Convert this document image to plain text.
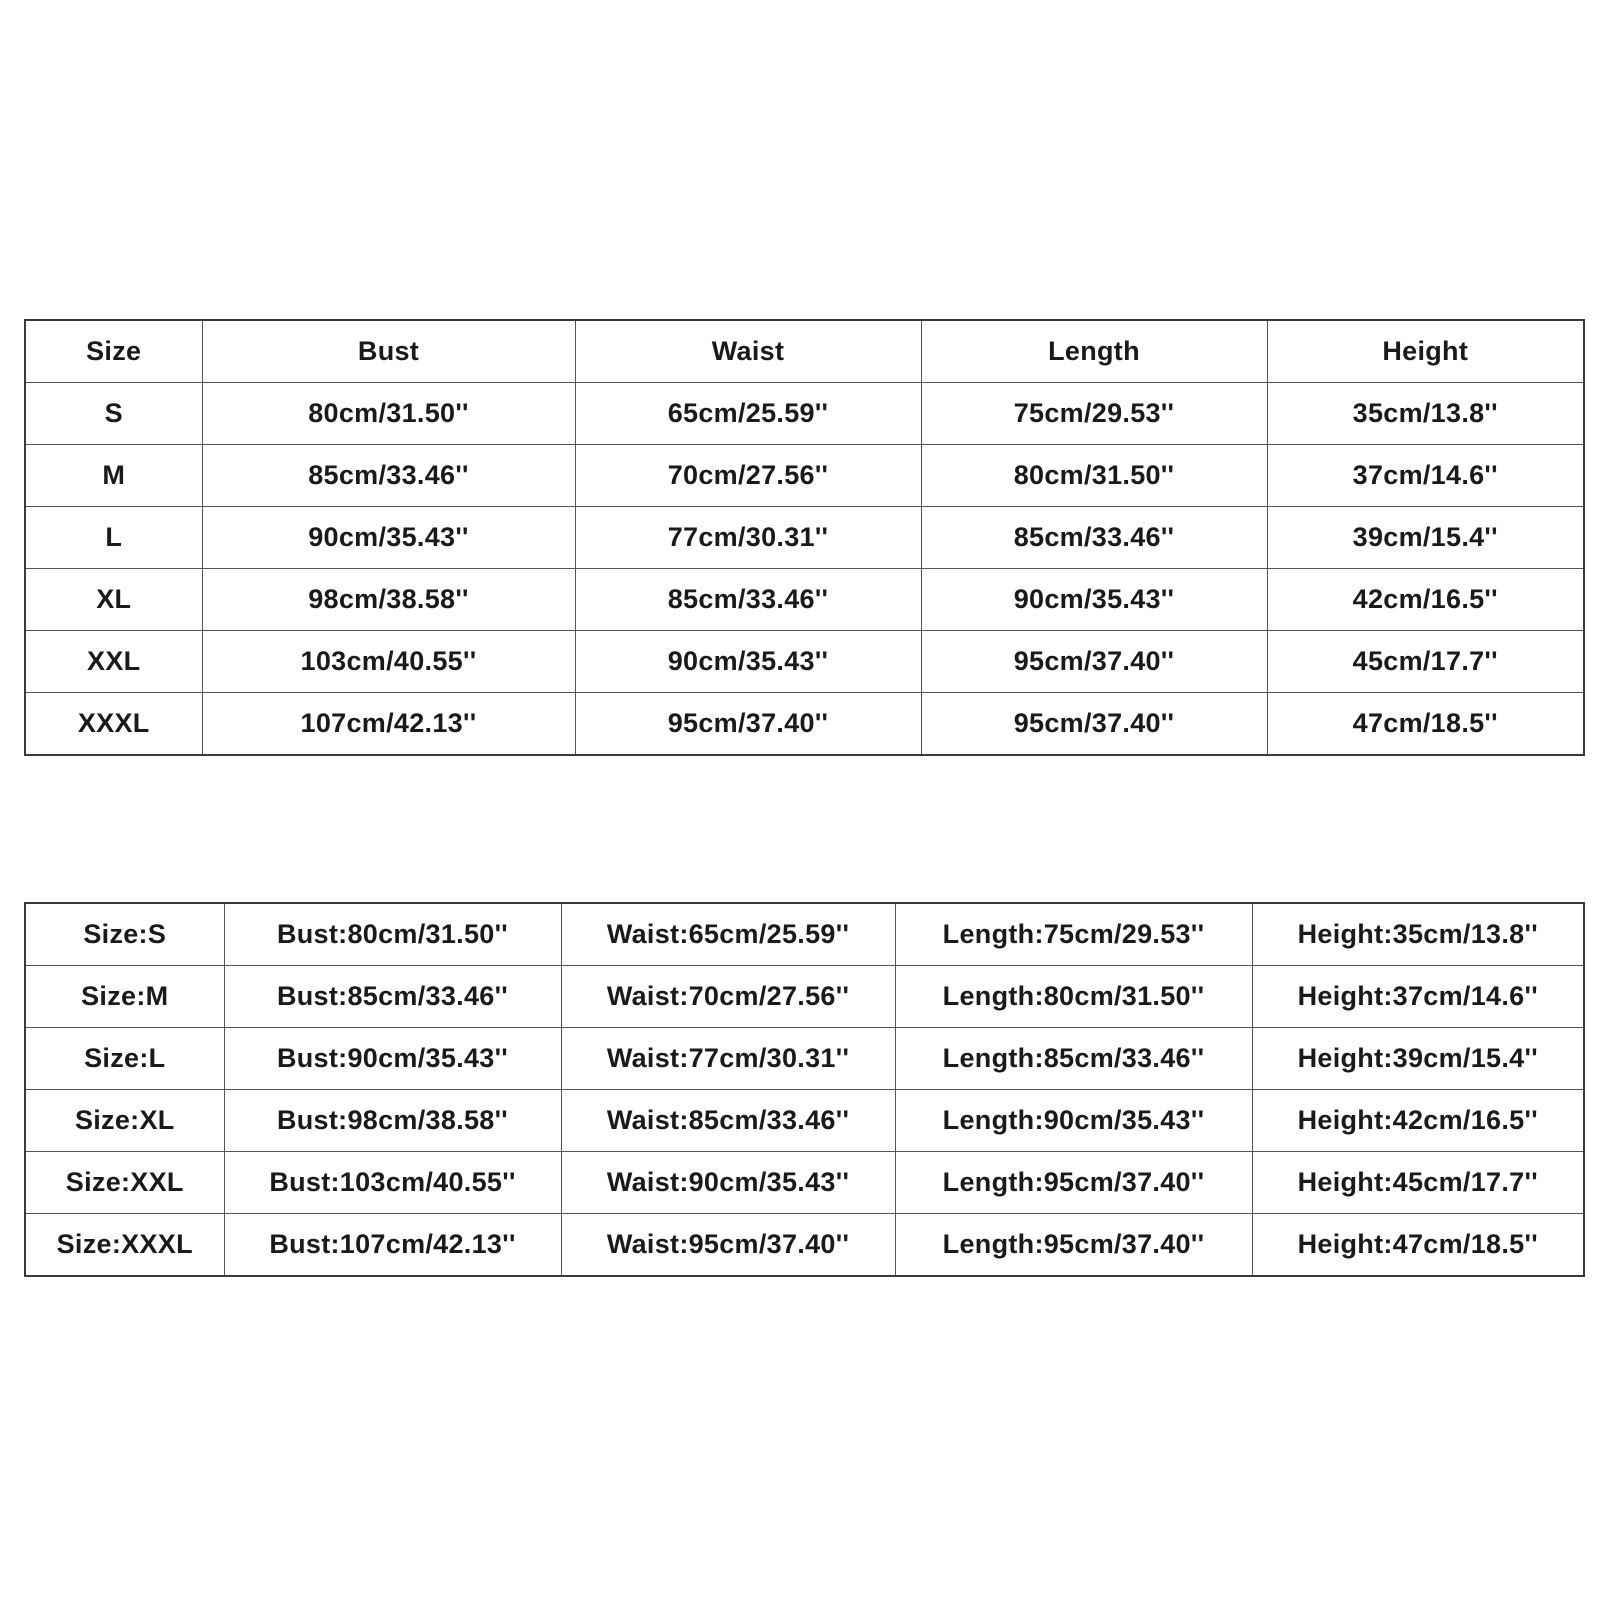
Size	Bust	Waist	Length	Height
S	80cm/31.50''	65cm/25.59''	75cm/29.53''	35cm/13.8''
M	85cm/33.46''	70cm/27.56''	80cm/31.50''	37cm/14.6''
L	90cm/35.43''	77cm/30.31''	85cm/33.46''	39cm/15.4''
XL	98cm/38.58''	85cm/33.46''	90cm/35.43''	42cm/16.5''
XXL	103cm/40.55''	90cm/35.43''	95cm/37.40''	45cm/17.7''
XXXL	107cm/42.13''	95cm/37.40''	95cm/37.40''	47cm/18.5''
Size:S	Bust:80cm/31.50''	Waist:65cm/25.59''	Length:75cm/29.53''	Height:35cm/13.8''
Size:M	Bust:85cm/33.46''	Waist:70cm/27.56''	Length:80cm/31.50''	Height:37cm/14.6''
Size:L	Bust:90cm/35.43''	Waist:77cm/30.31''	Length:85cm/33.46''	Height:39cm/15.4''
Size:XL	Bust:98cm/38.58''	Waist:85cm/33.46''	Length:90cm/35.43''	Height:42cm/16.5''
Size:XXL	Bust:103cm/40.55''	Waist:90cm/35.43''	Length:95cm/37.40''	Height:45cm/17.7''
Size:XXXL	Bust:107cm/42.13''	Waist:95cm/37.40''	Length:95cm/37.40''	Height:47cm/18.5''
